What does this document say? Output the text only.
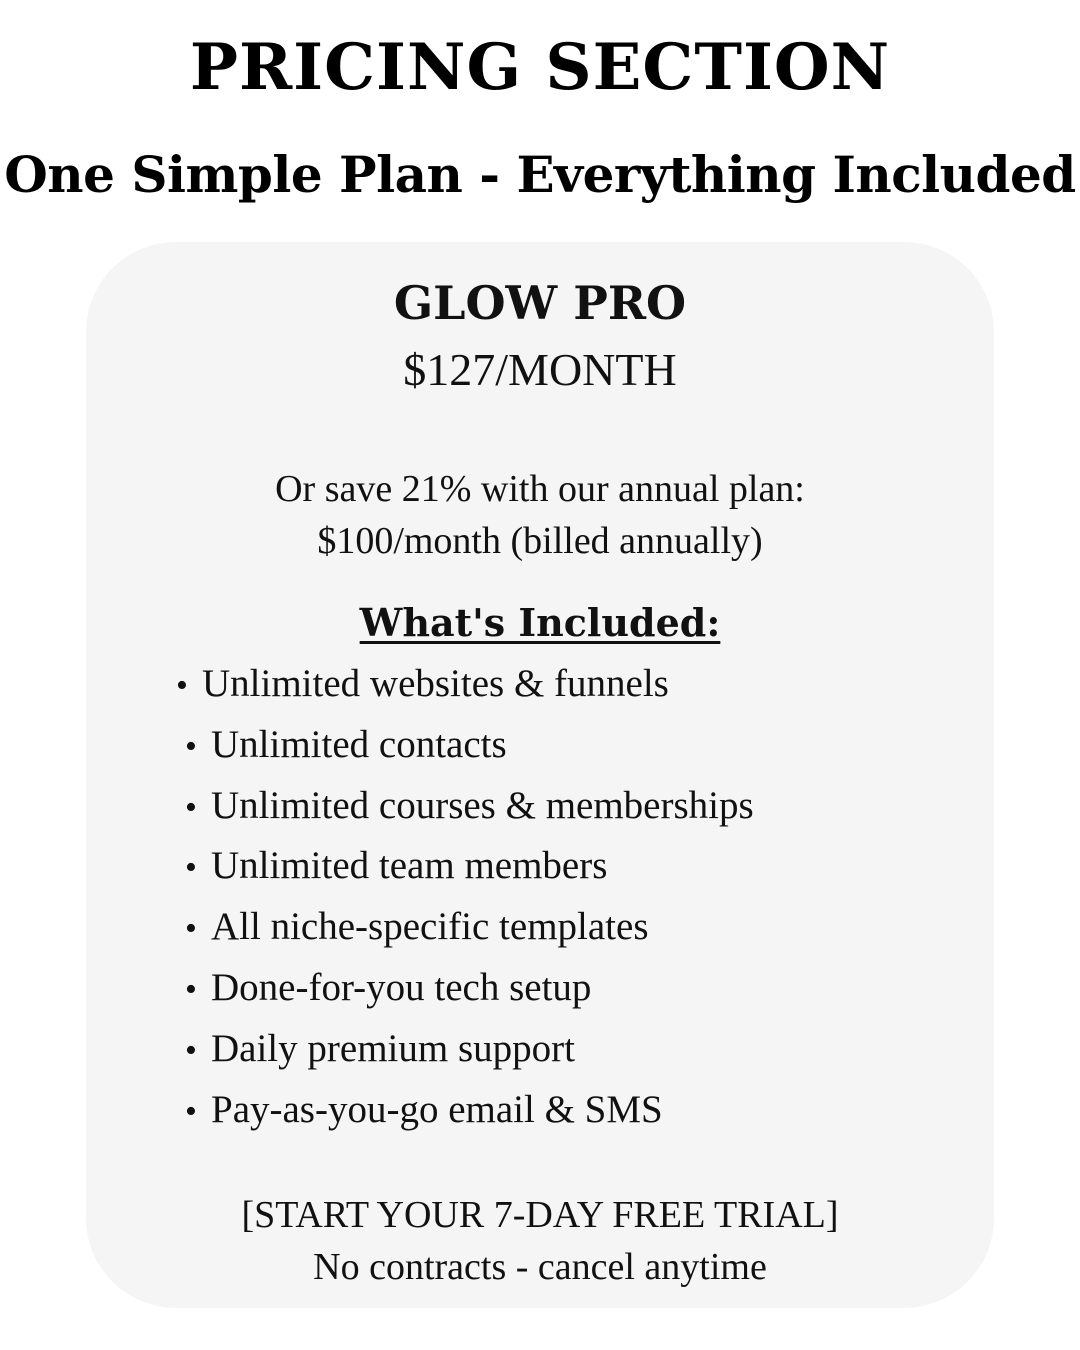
PRICING SECTION
One Simple Plan - Everything Included
GLOW PRO
$127/MONTH
Or save 21% with our annual plan:
$100/month (billed annually)
What's Included:
• Unlimited websites & funnels
• Unlimited contacts
• Unlimited courses & memberships
• Unlimited team members
• All niche-specific templates
• Done-for-you tech setup
• Daily premium support
• Pay-as-you-go email & SMS
[START YOUR 7-DAY FREE TRIAL]
No contracts - cancel anytime
